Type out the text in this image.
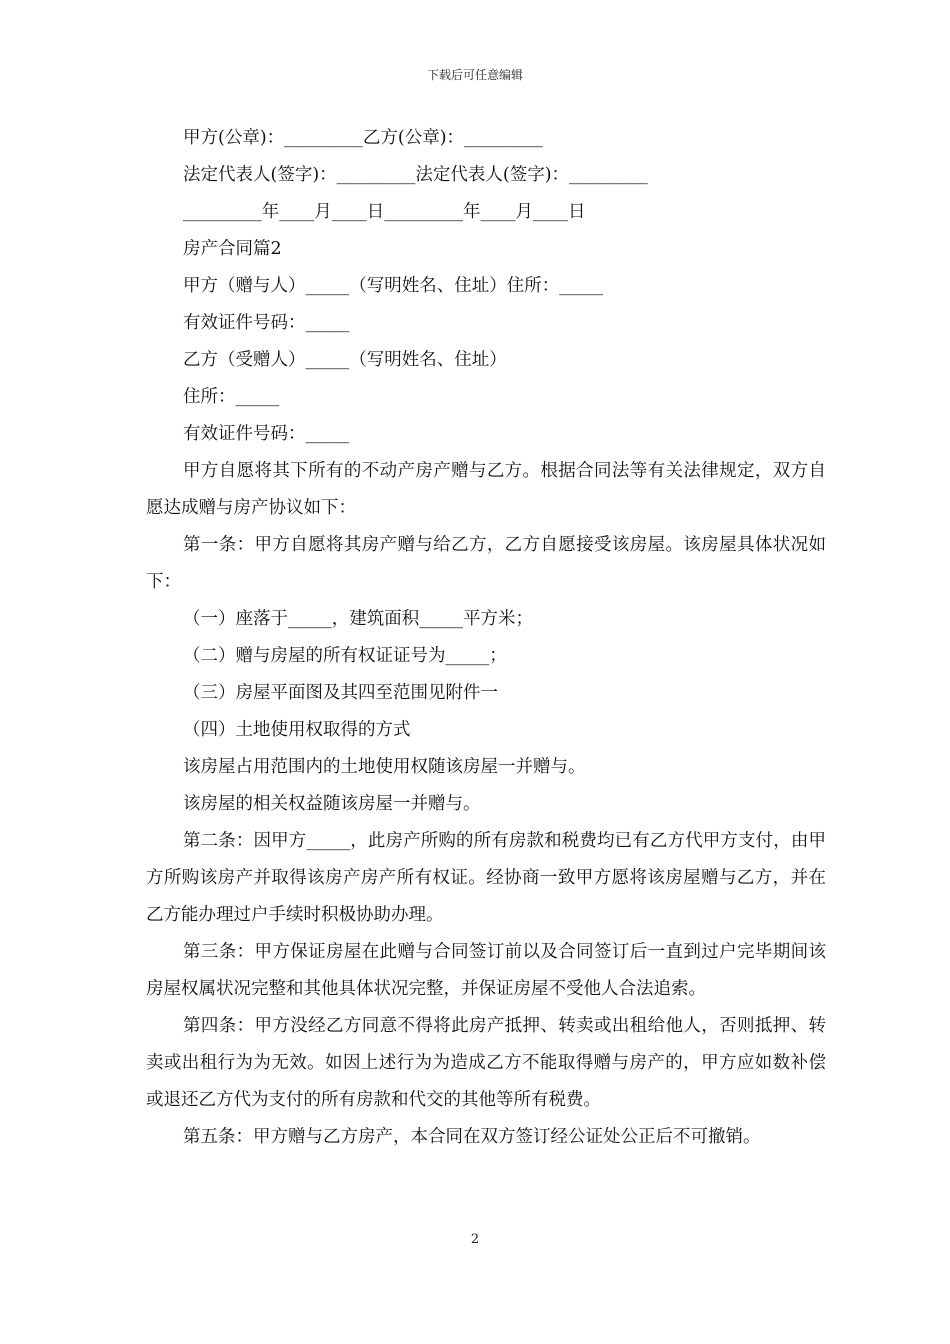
下载后可任意编辑
甲方(公章)：_________乙方(公章)：_________
法定代表人(签字)：_________法定代表人(签字)：_________
_________年____月____日_________年____月____日
房产合同篇2
甲方（赠与人）_____（写明姓名、住址）住所：_____
有效证件号码：_____
乙方（受赠人）_____（写明姓名、住址）
住所：_____
有效证件号码：_____
甲方自愿将其下所有的不动产房产赠与乙方。根据合同法等有关法律规定，双方自愿达成赠与房产协议如下：
第一条：甲方自愿将其房产赠与给乙方，乙方自愿接受该房屋。该房屋具体状况如下：
（一）座落于_____，建筑面积_____平方米；
（二）赠与房屋的所有权证证号为_____；
（三）房屋平面图及其四至范围见附件一
（四）土地使用权取得的方式
该房屋占用范围内的土地使用权随该房屋一并赠与。
该房屋的相关权益随该房屋一并赠与。
第二条：因甲方_____，此房产所购的所有房款和税费均已有乙方代甲方支付，由甲方所购该房产并取得该房产房产所有权证。经协商一致甲方愿将该房屋赠与乙方，并在乙方能办理过户手续时积极协助办理。
第三条：甲方保证房屋在此赠与合同签订前以及合同签订后一直到过户完毕期间该房屋权属状况完整和其他具体状况完整，并保证房屋不受他人合法追索。
第四条：甲方没经乙方同意不得将此房产抵押、转卖或出租给他人，否则抵押、转卖或出租行为为无效。如因上述行为为造成乙方不能取得赠与房产的，甲方应如数补偿或退还乙方代为支付的所有房款和代交的其他等所有税费。
第五条：甲方赠与乙方房产，本合同在双方签订经公证处公正后不可撤销。
2
